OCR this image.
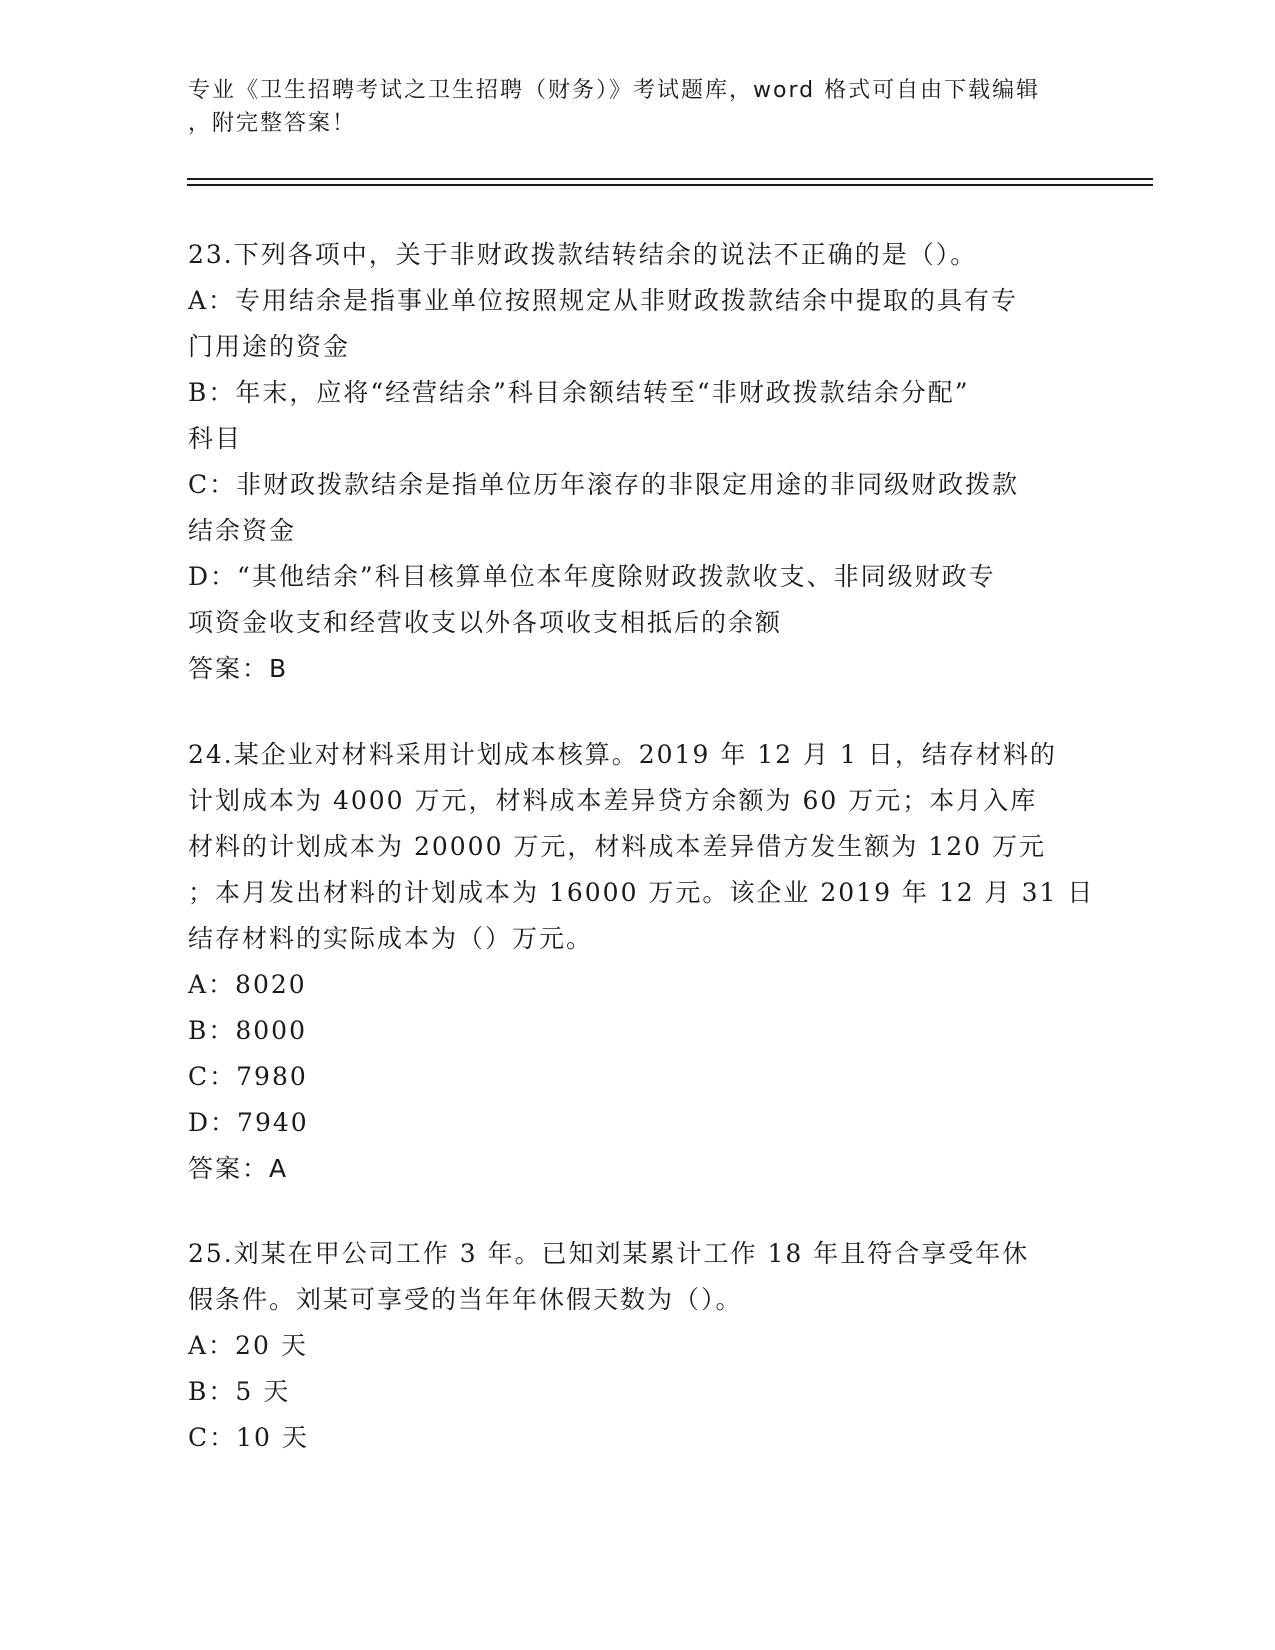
专业《卫生招聘考试之卫生招聘（财务）》考试题库，word 格式可自由下载编辑
，附完整答案！
23.下列各项中，关于非财政拨款结转结余的说法不正确的是（）。
A：专用结余是指事业单位按照规定从非财政拨款结余中提取的具有专
门用途的资金
B：年末，应将“经营结余”科目余额结转至“非财政拨款结余分配”
科目
C：非财政拨款结余是指单位历年滚存的非限定用途的非同级财政拨款
结余资金
D：“其他结余”科目核算单位本年度除财政拨款收支、非同级财政专
项资金收支和经营收支以外各项收支相抵后的余额
答案：B
24.某企业对材料采用计划成本核算。2019 年 12 月 1 日，结存材料的
计划成本为 4000 万元，材料成本差异贷方余额为 60 万元；本月入库
材料的计划成本为 20000 万元，材料成本差异借方发生额为 120 万元
；本月发出材料的计划成本为 16000 万元。该企业 2019 年 12 月 31 日
结存材料的实际成本为（）万元。
A：8020
B：8000
C：7980
D：7940
答案：A
25.刘某在甲公司工作 3 年。已知刘某累计工作 18 年且符合享受年休
假条件。刘某可享受的当年年休假天数为（）。
A：20 天
B：5 天
C：10 天
